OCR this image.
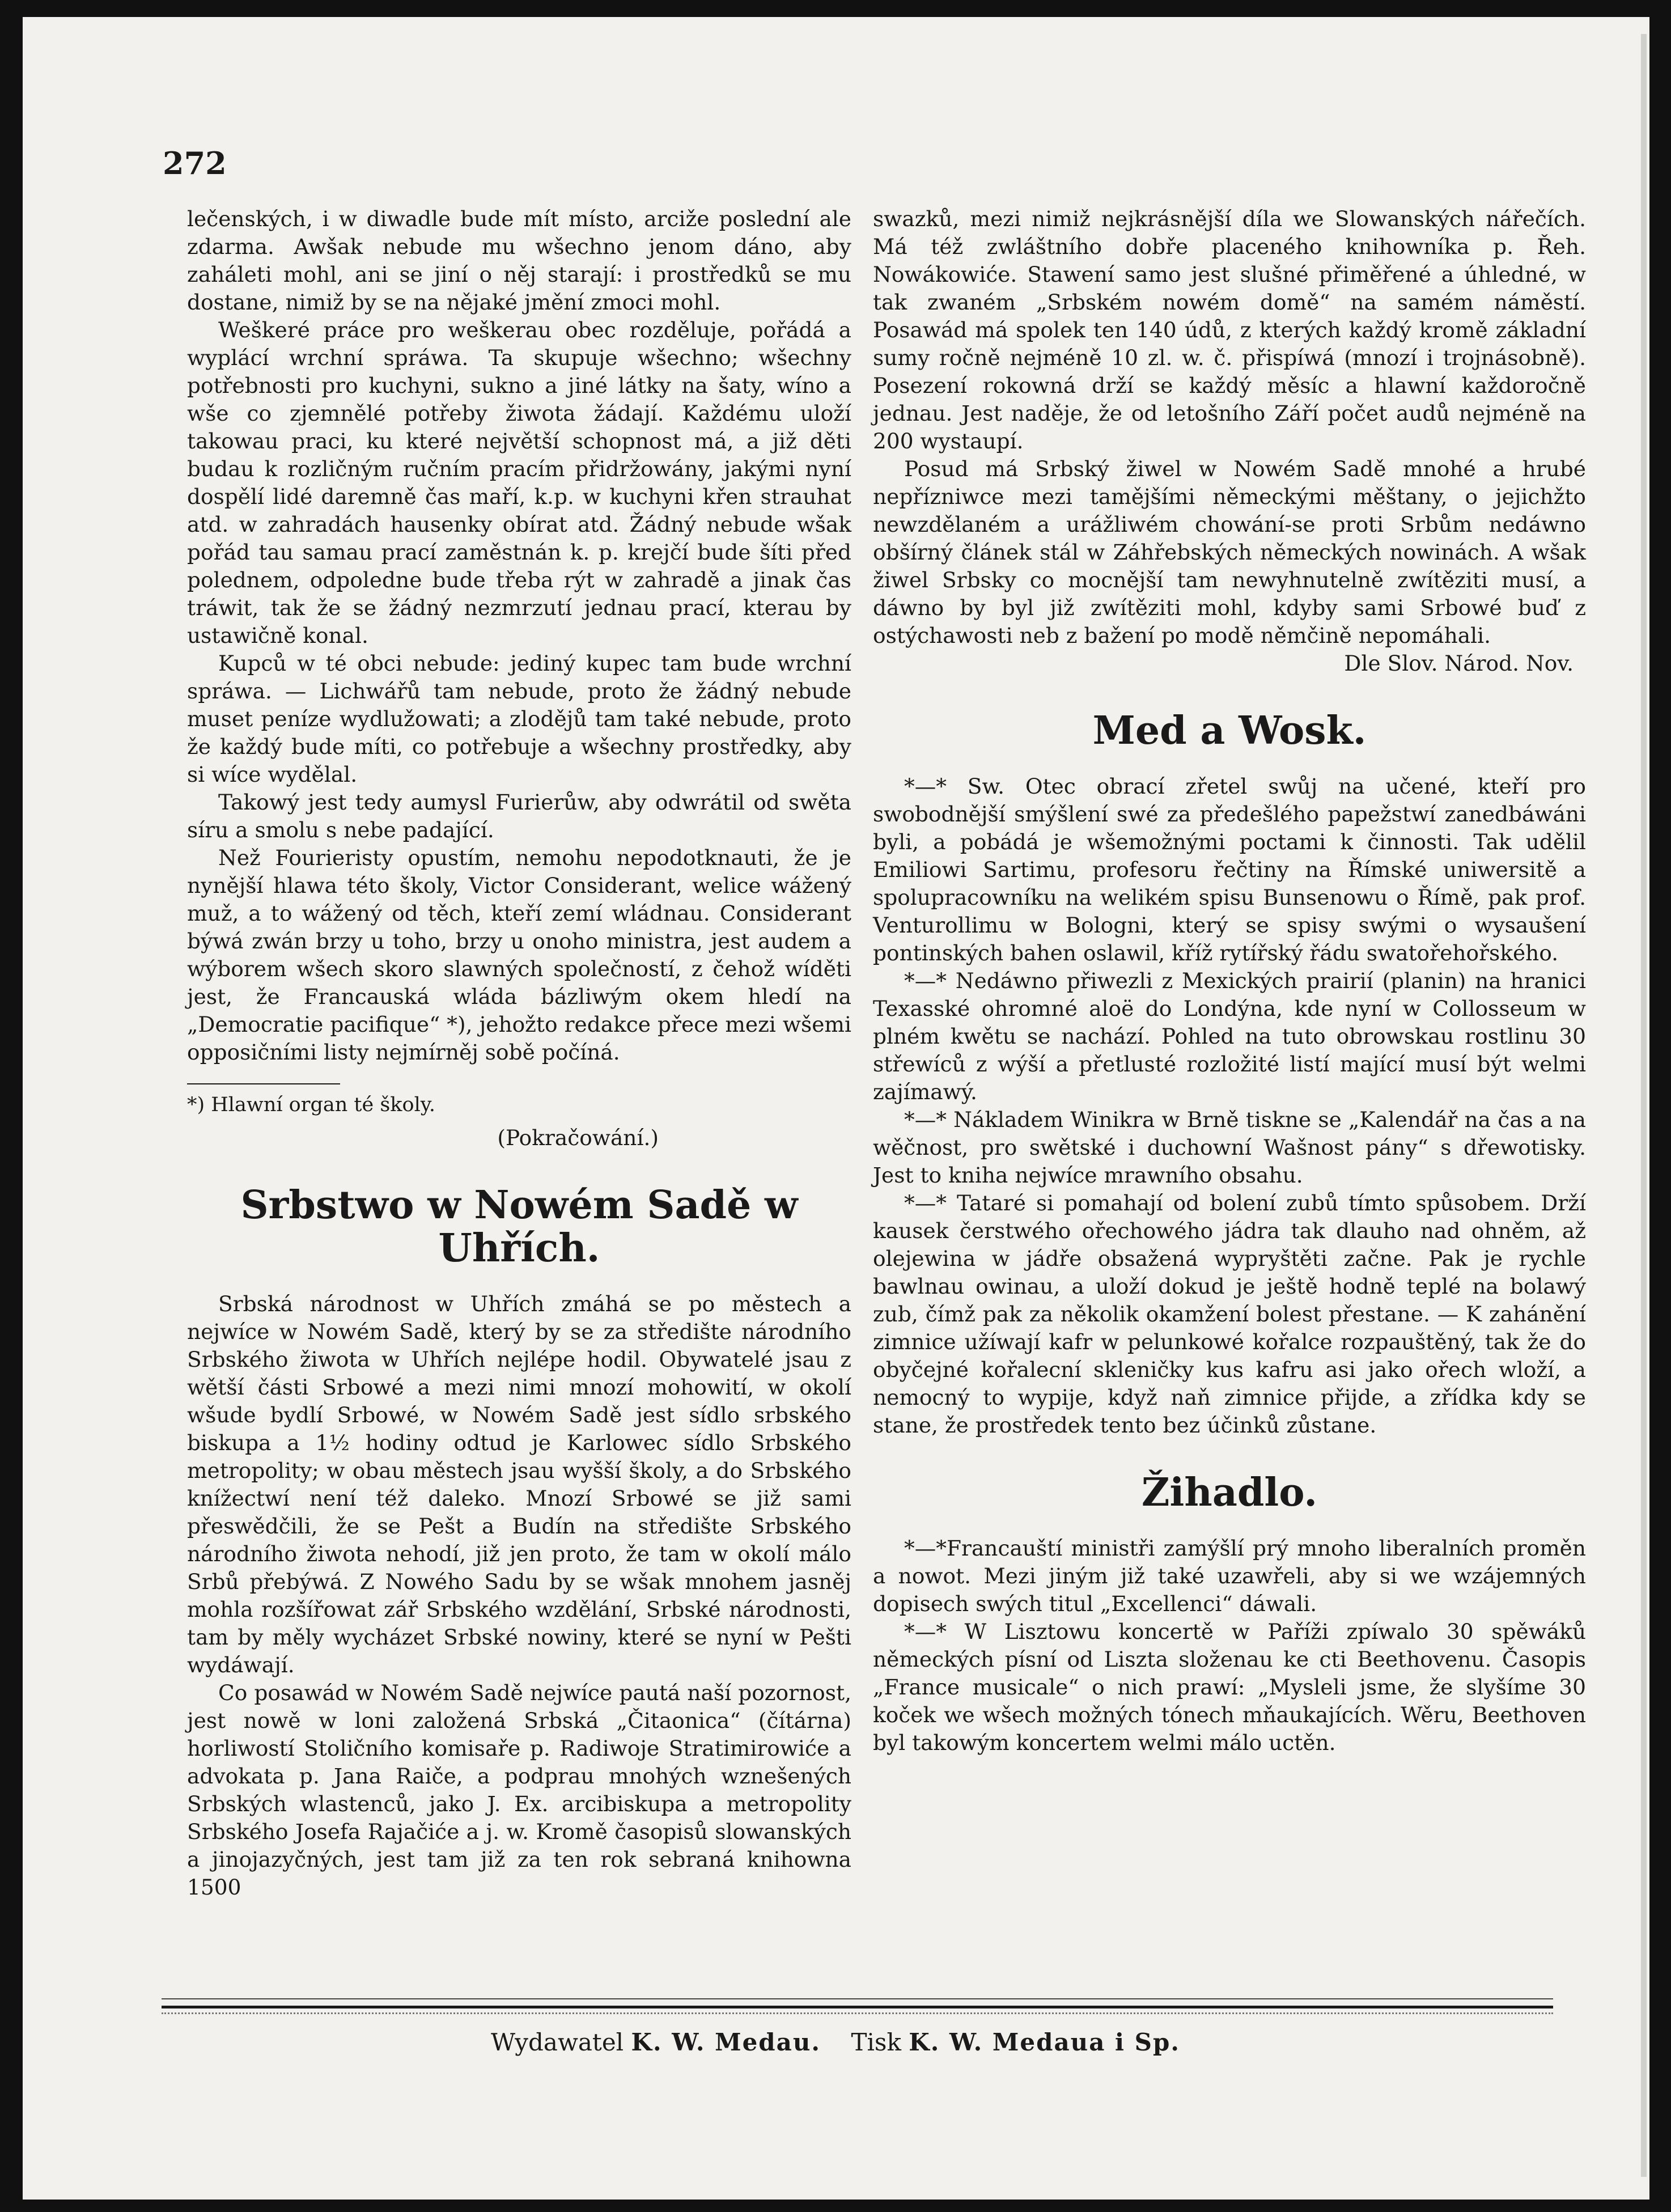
272

lečenských, i w diwadle bude mít místo, arciže poslední ale zdarma. Awšak nebude mu wšechno jenom dáno, aby zaháleti mohl, ani se jiní o něj starají: i prostředků se mu dostane, nimiž by se na nějaké jmění zmoci mohl.

Weškeré práce pro weškerau obec rozděluje, pořádá a wyplácí wrchní spráwa. Ta skupuje wšechno; wšechny potřebnosti pro kuchyni, sukno a jiné látky na šaty, wíno a wše co zjemnělé potřeby žiwota žádají. Každému uloží takowau praci, ku které největší schopnost má, a již děti budau k rozličným ručním pracím přidržowány, jakými nyní dospělí lidé daremně čas maří, k.p. w kuchyni křen strauhat atd. w zahradách hausenky obírat atd. Žádný nebude wšak pořád tau samau prací zaměstnán k. p. krejčí bude šíti před polednem, odpoledne bude třeba rýt w zahradě a jinak čas tráwit, tak že se žádný nezmrzutí jednau prací, kterau by ustawičně konal.

Kupců w té obci nebude: jediný kupec tam bude wrchní spráwa. — Lichwářů tam nebude, proto že žádný nebude muset peníze wydlužowati; a zlodějů tam také nebude, proto že každý bude míti, co potřebuje a wšechny prostředky, aby si wíce wydělal.

Takowý jest tedy aumysl Furierůw, aby odwrátil od swěta síru a smolu s nebe padající.

Než Fourieristy opustím, nemohu nepodotknauti, že je nynější hlawa této školy, Victor Considerant, welice wážený muž, a to wážený od těch, kteří zemí wládnau. Considerant býwá zwán brzy u toho, brzy u onoho ministra, jest audem a wýborem wšech skoro slawných společností, z čehož wíděti jest, že Francauská wláda bázliwým okem hledí na „Democratie pacifique“ *), jehožto redakce přece mezi wšemi opposičními listy nejmírněj sobě počíná.

*) Hlawní organ té školy.

(Pokračowání.)

Srbstwo w Nowém Sadě w Uhřích.

Srbská národnost w Uhřích zmáhá se po městech a nejwíce w Nowém Sadě, který by se za středište národního Srbského žiwota w Uhřích nejlépe hodil. Obywatelé jsau z wětší části Srbowé a mezi nimi mnozí mohowití, w okolí wšude bydlí Srbowé, w Nowém Sadě jest sídlo srbského biskupa a 1½ hodiny odtud je Karlowec sídlo Srbského metropolity; w obau městech jsau wyšší školy, a do Srbského knížectwí není též daleko. Mnozí Srbowé se již sami přeswědčili, že se Pešt a Budín na středište Srbského národního žiwota nehodí, již jen proto, že tam w okolí málo Srbů přebýwá. Z Nowého Sadu by se wšak mnohem jasněj mohla rozšířowat zář Srbského wzdělání, Srbské národnosti, tam by měly wycházet Srbské nowiny, které se nyní w Pešti wydáwají.

Co posawád w Nowém Sadě nejwíce pautá naší pozornost, jest nowě w loni založená Srbská „Čitaonica“ (čítárna) horliwostí Stoličního komisaře p. Radiwoje Stratimirowiće a advokata p. Jana Raiče, a podprau mnohých wznešených Srbských wlastenců, jako J. Ex. arcibiskupa a metropolity Srbského Josefa Rajačiće a j. w. Kromě časopisů slowanských a jinojazyčných, jest tam již za ten rok sebraná knihowna 1500

swazků, mezi nimiž nejkrásnější díla we Slowanských nářečích. Má též zwláštního dobře placeného knihowníka p. Řeh. Nowákowiće. Stawení samo jest slušné přiměřené a úhledné, w tak zwaném „Srbském nowém domě“ na samém náměstí. Posawád má spolek ten 140 údů, z kterých každý kromě základní sumy ročně nejméně 10 zl. w. č. přispíwá (mnozí i trojnásobně). Posezení rokowná drží se každý měsíc a hlawní každoročně jednau. Jest naděje, že od letošního Září počet audů nejméně na 200 wystaupí.

Posud má Srbský žiwel w Nowém Sadě mnohé a hrubé nepřízniwce mezi tamějšími německými měštany, o jejichžto newzdělaném a urážliwém chowání-se proti Srbům nedáwno obšírný článek stál w Záhřebských německých nowinách. A wšak žiwel Srbsky co mocnější tam newyhnutelně zwítěziti musí, a dáwno by byl již zwítěziti mohl, kdyby sami Srbowé buď z ostýchawosti neb z bažení po modě němčině nepomáhali.

Dle Slov. Národ. Nov.

Med a Wosk.

*—* Sw. Otec obrací zřetel swůj na učené, kteří pro swobodnější smýšlení swé za předešlého papežstwí zanedbáwáni byli, a pobádá je wšemožnými poctami k činnosti. Tak udělil Emiliowi Sartimu, profesoru řečtiny na Římské uniwersitě a spolupracowníku na welikém spisu Bunsenowu o Římě, pak prof. Venturollimu w Bologni, který se spisy swými o wysaušení pontinských bahen oslawil, kříž rytířský řádu swatořehořského.

*—* Nedáwno přiwezli z Mexických prairií (planin) na hranici Texasské ohromné aloë do Londýna, kde nyní w Collosseum w plném kwětu se nachází. Pohled na tuto obrowskau rostlinu 30 střewíců z wýší a přetlusté rozložité listí mající musí být welmi zajímawý.

*—* Nákladem Winikra w Brně tiskne se „Kalendář na čas a na wěčnost, pro swětské i duchowní Wašnost pány“ s dřewotisky. Jest to kniha nejwíce mrawního obsahu.

*—* Tataré si pomahají od bolení zubů tímto spůsobem. Drží kausek čerstwého ořechowého jádra tak dlauho nad ohněm, až olejewina w jádře obsažená wypryštěti začne. Pak je rychle bawlnau owinau, a uloží dokud je ještě hodně teplé na bolawý zub, čímž pak za několik okamžení bolest přestane. — K zahánění zimnice užíwají kafr w pelunkowé kořalce rozpauštěný, tak že do obyčejné kořalecní skleničky kus kafru asi jako ořech wloží, a nemocný to wypije, když naň zimnice přijde, a zřídka kdy se stane, že prostředek tento bez účinků zůstane.

Žihadlo.

*—*Francauští ministři zamýšlí prý mnoho liberalních proměn a nowot. Mezi jiným již také uzawřeli, aby si we wzájemných dopisech swých titul „Excellenci“ dáwali.

*—* W Lisztowu koncertě w Paříži zpíwalo 30 spěwáků německých písní od Liszta složenau ke cti Beethovenu. Časopis „France musicale“ o nich prawí: „Mysleli jsme, že slyšíme 30 koček we wšech možných tónech mňaukajících. Wěru, Beethoven byl takowým koncertem welmi málo uctěn.

Wydawatel K. W. Medau. Tisk K. W. Medaua i Sp.
